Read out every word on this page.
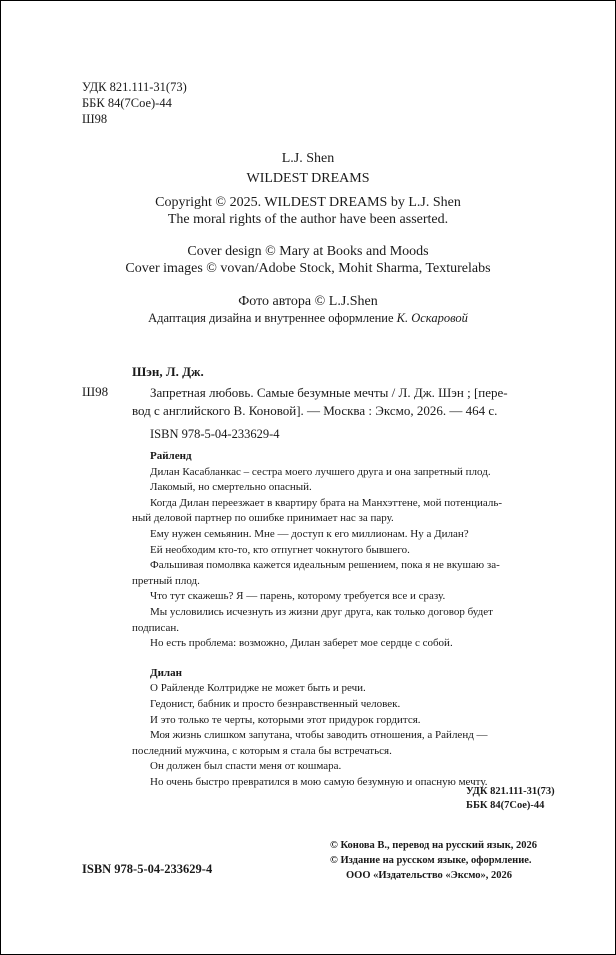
УДК 821.111-31(73)
ББК 84(7Сое)-44
Ш98
L.J. Shen
WILDEST DREAMS
Copyright © 2025. WILDEST DREAMS by L.J. Shen
The moral rights of the author have been asserted.
Cover design © Mary at Books and Moods
Cover images © vovan/Adobe Stock, Mohit Sharma, Texturelabs
Фото автора © L.J.Shen
Адаптация дизайна и внутреннее оформление К. Оскаровой
Шэн, Л. Дж.
Ш98	Запретная любовь. Самые безумные мечты / Л. Дж. Шэн ; [пере-
вод с английского В. Коновой]. — Москва : Эксмо, 2026. — 464 с.
ISBN 978-5-04-233629-4
Райленд
Дилан Касабланкас – сестра моего лучшего друга и она запретный плод.
Лакомый, но смертельно опасный.
Когда Дилан переезжает в квартиру брата на Манхэттене, мой потенциаль-
ный деловой партнер по ошибке принимает нас за пару.
Ему нужен семьянин. Мне — доступ к его миллионам. Ну а Дилан?
Ей необходим кто-то, кто отпугнет чокнутого бывшего.
Фальшивая помолвка кажется идеальным решением, пока я не вкушаю за-
претный плод.
Что тут скажешь? Я — парень, которому требуется все и сразу.
Мы условились исчезнуть из жизни друг друга, как только договор будет
подписан.
Но есть проблема: возможно, Дилан заберет мое сердце с собой.
Дилан
О Райленде Колтридже не может быть и речи.
Гедонист, бабник и просто безнравственный человек.
И это только те черты, которыми этот придурок гордится.
Моя жизнь слишком запутана, чтобы заводить отношения, а Райленд —
последний мужчина, с которым я стала бы встречаться.
Он должен был спасти меня от кошмара.
Но очень быстро превратился в мою самую безумную и опасную мечту.
УДК 821.111-31(73)
ББК 84(7Сое)-44
© Конова В., перевод на русский язык, 2026
© Издание на русском языке, оформление.
ООО «Издательство «Эксмо», 2026
ISBN 978-5-04-233629-4
